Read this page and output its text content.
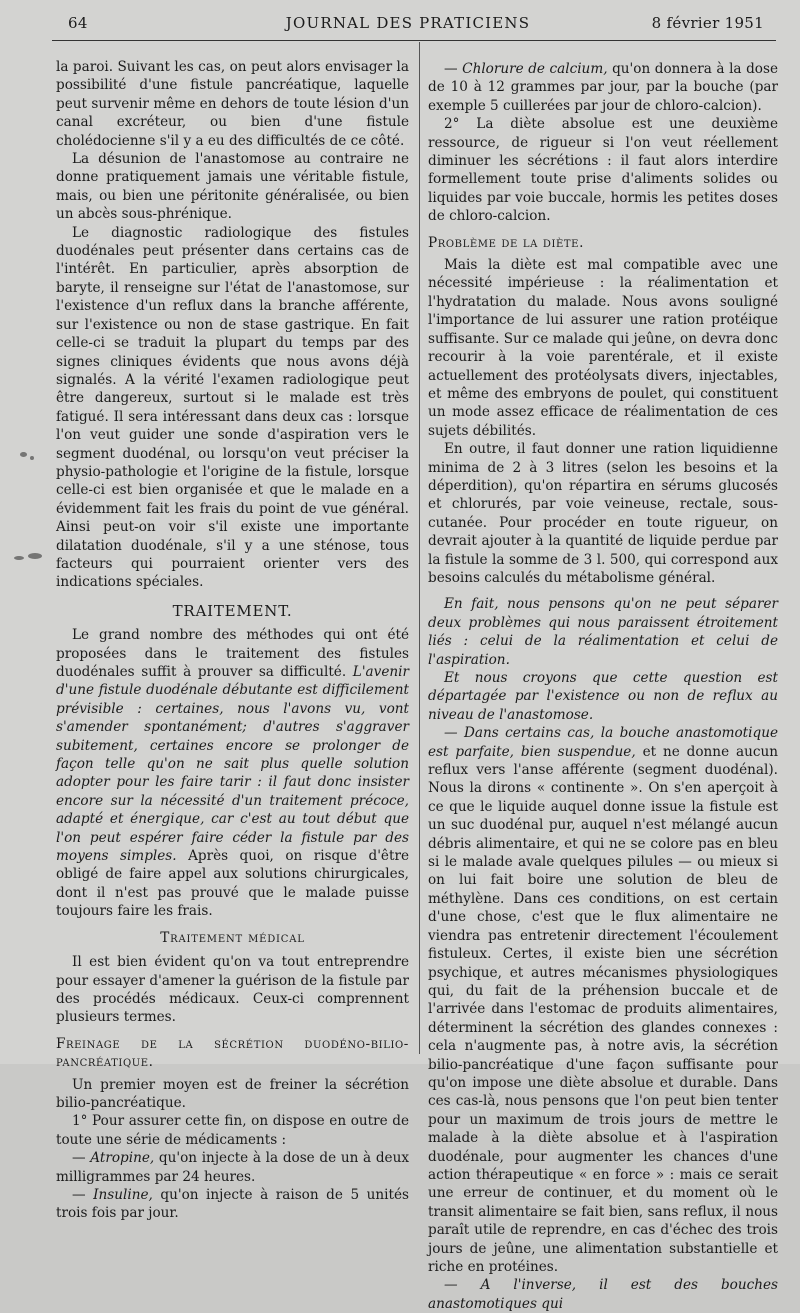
64	JOURNAL DES PRATICIENS	8 février 1951

la paroi. Suivant les cas, on peut alors envisager la possibilité d'une fistule pancréatique, laquelle peut survenir même en dehors de toute lésion d'un canal excréteur, ou bien d'une fistule cholédocienne s'il y a eu des difficultés de ce côté.

La désunion de l'anastomose au contraire ne donne pratiquement jamais une véritable fistule, mais, ou bien une péritonite généralisée, ou bien un abcès sous-phrénique.

Le diagnostic radiologique des fistules duodénales peut présenter dans certains cas de l'intérêt. En particulier, après absorption de baryte, il renseigne sur l'état de l'anastomose, sur l'existence d'un reflux dans la branche afférente, sur l'existence ou non de stase gastrique. En fait celle-ci se traduit la plupart du temps par des signes cliniques évidents que nous avons déjà signalés. A la vérité l'examen radiologique peut être dangereux, surtout si le malade est très fatigué. Il sera intéressant dans deux cas : lorsque l'on veut guider une sonde d'aspiration vers le segment duodénal, ou lorsqu'on veut préciser la physio-pathologie et l'origine de la fistule, lorsque celle-ci est bien organisée et que le malade en a évidemment fait les frais du point de vue général. Ainsi peut-on voir s'il existe une importante dilatation duodénale, s'il y a une sténose, tous facteurs qui pourraient orienter vers des indications spéciales.

TRAITEMENT.

Le grand nombre des méthodes qui ont été proposées dans le traitement des fistules duodénales suffit à prouver sa difficulté. L'avenir d'une fistule duodénale débutante est difficilement prévisible : certaines, nous l'avons vu, vont s'amender spontanément; d'autres s'aggraver subitement, certaines encore se prolonger de façon telle qu'on ne sait plus quelle solution adopter pour les faire tarir : il faut donc insister encore sur la nécessité d'un traitement précoce, adapté et énergique, car c'est au tout début que l'on peut espérer faire céder la fistule par des moyens simples. Après quoi, on risque d'être obligé de faire appel aux solutions chirurgicales, dont il n'est pas prouvé que le malade puisse toujours faire les frais.

Traitement médical

Il est bien évident qu'on va tout entreprendre pour essayer d'amener la guérison de la fistule par des procédés médicaux. Ceux-ci comprennent plusieurs termes.

Freinage de la sécrétion duodéno-bilio-pancréatique.

Un premier moyen est de freiner la sécrétion bilio-pancréatique.

1° Pour assurer cette fin, on dispose en outre de toute une série de médicaments :

— Atropine, qu'on injecte à la dose de un à deux milligrammes par 24 heures.

— Insuline, qu'on injecte à raison de 5 unités trois fois par jour.

— Chlorure de calcium, qu'on donnera à la dose de 10 à 12 grammes par jour, par la bouche (par exemple 5 cuillerées par jour de chloro-calcion).

2° La diète absolue est une deuxième ressource, de rigueur si l'on veut réellement diminuer les sécrétions : il faut alors interdire formellement toute prise d'aliments solides ou liquides par voie buccale, hormis les petites doses de chloro-calcion.

Problème de la diète.

Mais la diète est mal compatible avec une nécessité impérieuse : la réalimentation et l'hydratation du malade. Nous avons souligné l'importance de lui assurer une ration protéique suffisante. Sur ce malade qui jeûne, on devra donc recourir à la voie parentérale, et il existe actuellement des protéolysats divers, injectables, et même des embryons de poulet, qui constituent un mode assez efficace de réalimentation de ces sujets débilités.

En outre, il faut donner une ration liquidienne minima de 2 à 3 litres (selon les besoins et la déperdition), qu'on répartira en sérums glucosés et chlorurés, par voie veineuse, rectale, sous-cutanée. Pour procéder en toute rigueur, on devrait ajouter à la quantité de liquide perdue par la fistule la somme de 3 l. 500, qui correspond aux besoins calculés du métabolisme général.

En fait, nous pensons qu'on ne peut séparer deux problèmes qui nous paraissent étroitement liés : celui de la réalimentation et celui de l'aspiration.

Et nous croyons que cette question est départagée par l'existence ou non de reflux au niveau de l'anastomose.

— Dans certains cas, la bouche anastomotique est parfaite, bien suspendue, et ne donne aucun reflux vers l'anse afférente (segment duodénal). Nous la dirons « continente ». On s'en aperçoit à ce que le liquide auquel donne issue la fistule est un suc duodénal pur, auquel n'est mélangé aucun débris alimentaire, et qui ne se colore pas en bleu si le malade avale quelques pilules — ou mieux si on lui fait boire une solution de bleu de méthylène. Dans ces conditions, on est certain d'une chose, c'est que le flux alimentaire ne viendra pas entretenir directement l'écoulement fistuleux. Certes, il existe bien une sécrétion psychique, et autres mécanismes physiologiques qui, du fait de la préhension buccale et de l'arrivée dans l'estomac de produits alimentaires, déterminent la sécrétion des glandes connexes : cela n'augmente pas, à notre avis, la sécrétion bilio-pancréatique d'une façon suffisante pour qu'on impose une diète absolue et durable. Dans ces cas-là, nous pensons que l'on peut bien tenter pour un maximum de trois jours de mettre le malade à la diète absolue et à l'aspiration duodénale, pour augmenter les chances d'une action thérapeutique « en force » : mais ce serait une erreur de continuer, et du moment où le transit alimentaire se fait bien, sans reflux, il nous paraît utile de reprendre, en cas d'échec des trois jours de jeûne, une alimentation substantielle et riche en protéines.

— A l'inverse, il est des bouches anastomotiques qui
